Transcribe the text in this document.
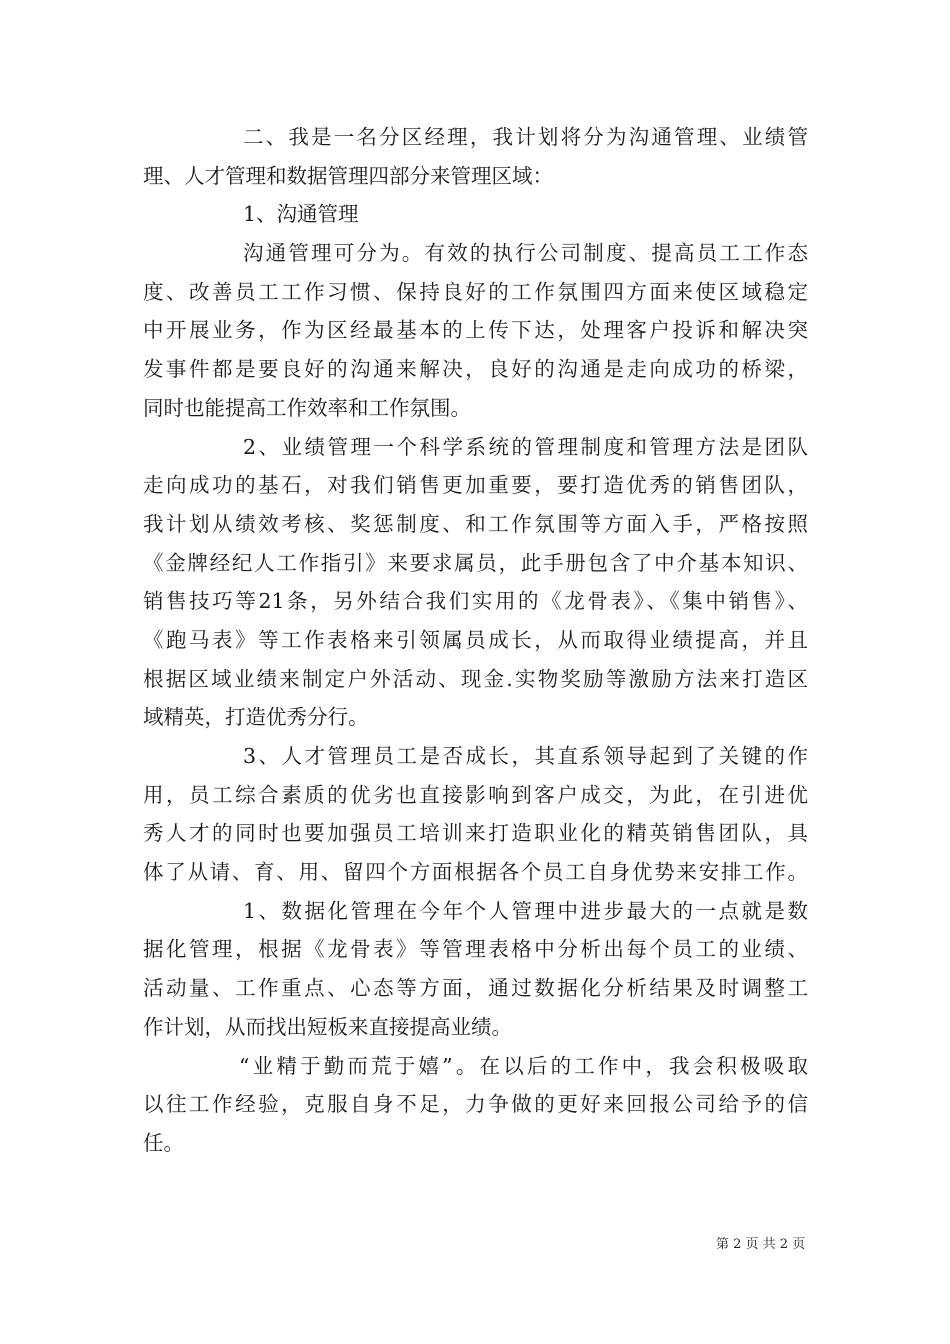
二、我是一名分区经理，我计划将分为沟通管理、业绩管
理、人才管理和数据管理四部分来管理区域：
1、沟通管理
沟通管理可分为。有效的执行公司制度、提高员工工作态
度、改善员工工作习惯、保持良好的工作氛围四方面来使区域稳定
中开展业务，作为区经最基本的上传下达，处理客户投诉和解决突
发事件都是要良好的沟通来解决，良好的沟通是走向成功的桥梁，
同时也能提高工作效率和工作氛围。
2、业绩管理一个科学系统的管理制度和管理方法是团队
走向成功的基石，对我们销售更加重要，要打造优秀的销售团队，
我计划从绩效考核、奖惩制度、和工作氛围等方面入手，严格按照
《金牌经纪人工作指引》来要求属员，此手册包含了中介基本知识、
销售技巧等21条，另外结合我们实用的《龙骨表》、《集中销售》、
《跑马表》等工作表格来引领属员成长，从而取得业绩提高，并且
根据区域业绩来制定户外活动、现金.实物奖励等激励方法来打造区
域精英，打造优秀分行。
3、人才管理员工是否成长，其直系领导起到了关键的作
用，员工综合素质的优劣也直接影响到客户成交，为此，在引进优
秀人才的同时也要加强员工培训来打造职业化的精英销售团队，具
体了从请、育、用、留四个方面根据各个员工自身优势来安排工作。
1、数据化管理在今年个人管理中进步最大的一点就是数
据化管理，根据《龙骨表》等管理表格中分析出每个员工的业绩、
活动量、工作重点、心态等方面，通过数据化分析结果及时调整工
作计划，从而找出短板来直接提高业绩。
“业精于勤而荒于嬉”。在以后的工作中，我会积极吸取
以往工作经验，克服自身不足，力争做的更好来回报公司给予的信
任。
第 2 页 共 2 页
